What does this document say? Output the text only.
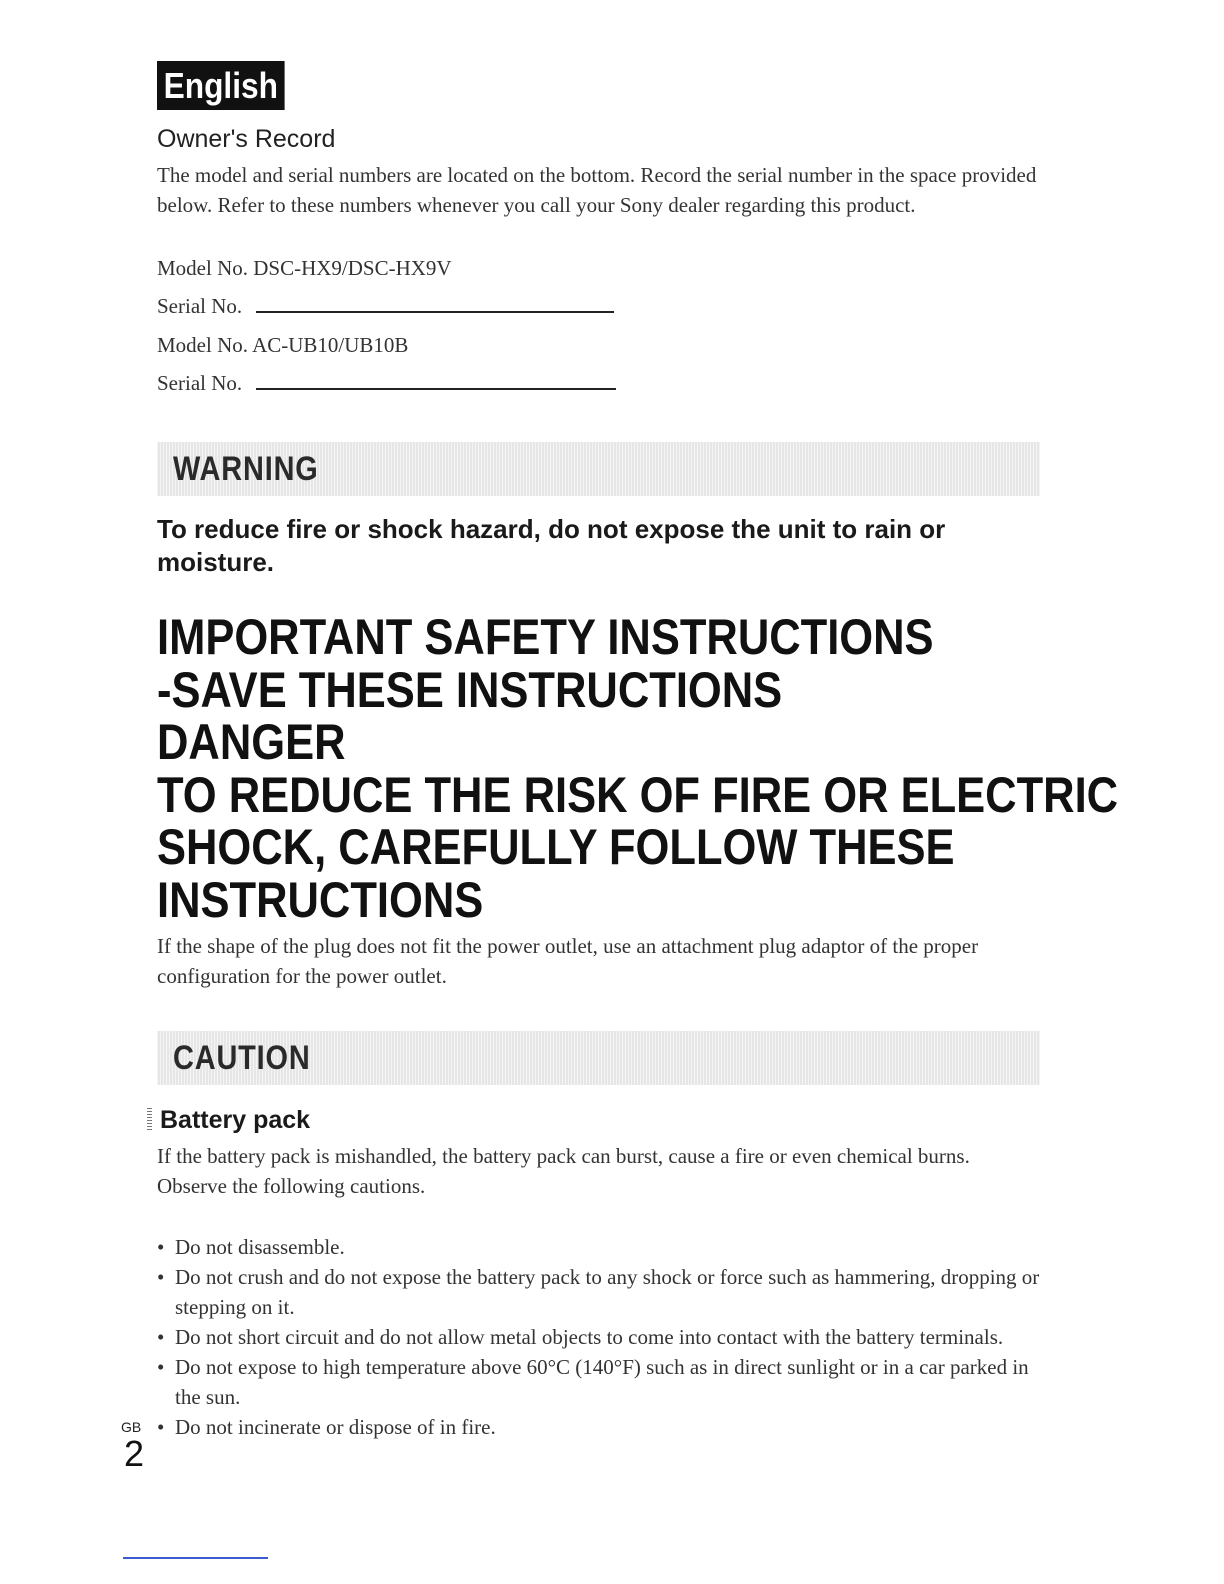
English
Owner's Record

The model and serial numbers are located on the bottom. Record the serial number in the space provided below. Refer to these numbers whenever you call your Sony dealer regarding this product.

Model No. DSC-HX9/DSC-HX9V
Serial No.
Model No. AC-UB10/UB10B
Serial No.
WARNING

To reduce fire or shock hazard, do not expose the unit to rain or moisture.

IMPORTANT SAFETY INSTRUCTIONS
-SAVE THESE INSTRUCTIONS
DANGER
TO REDUCE THE RISK OF FIRE OR ELECTRIC
SHOCK, CAREFULLY FOLLOW THESE
INSTRUCTIONS

If the shape of the plug does not fit the power outlet, use an attachment plug adaptor of the proper configuration for the power outlet.

CAUTION
Battery pack

If the battery pack is mishandled, the battery pack can burst, cause a fire or even chemical burns. Observe the following cautions.

• Do not disassemble.
• Do not crush and do not expose the battery pack to any shock or force such as hammering, dropping or stepping on it.
• Do not short circuit and do not allow metal objects to come into contact with the battery terminals.
• Do not expose to high temperature above 60°C (140°F) such as in direct sunlight or in a car parked in the sun.
• Do not incinerate or dispose of in fire.
GB
2
